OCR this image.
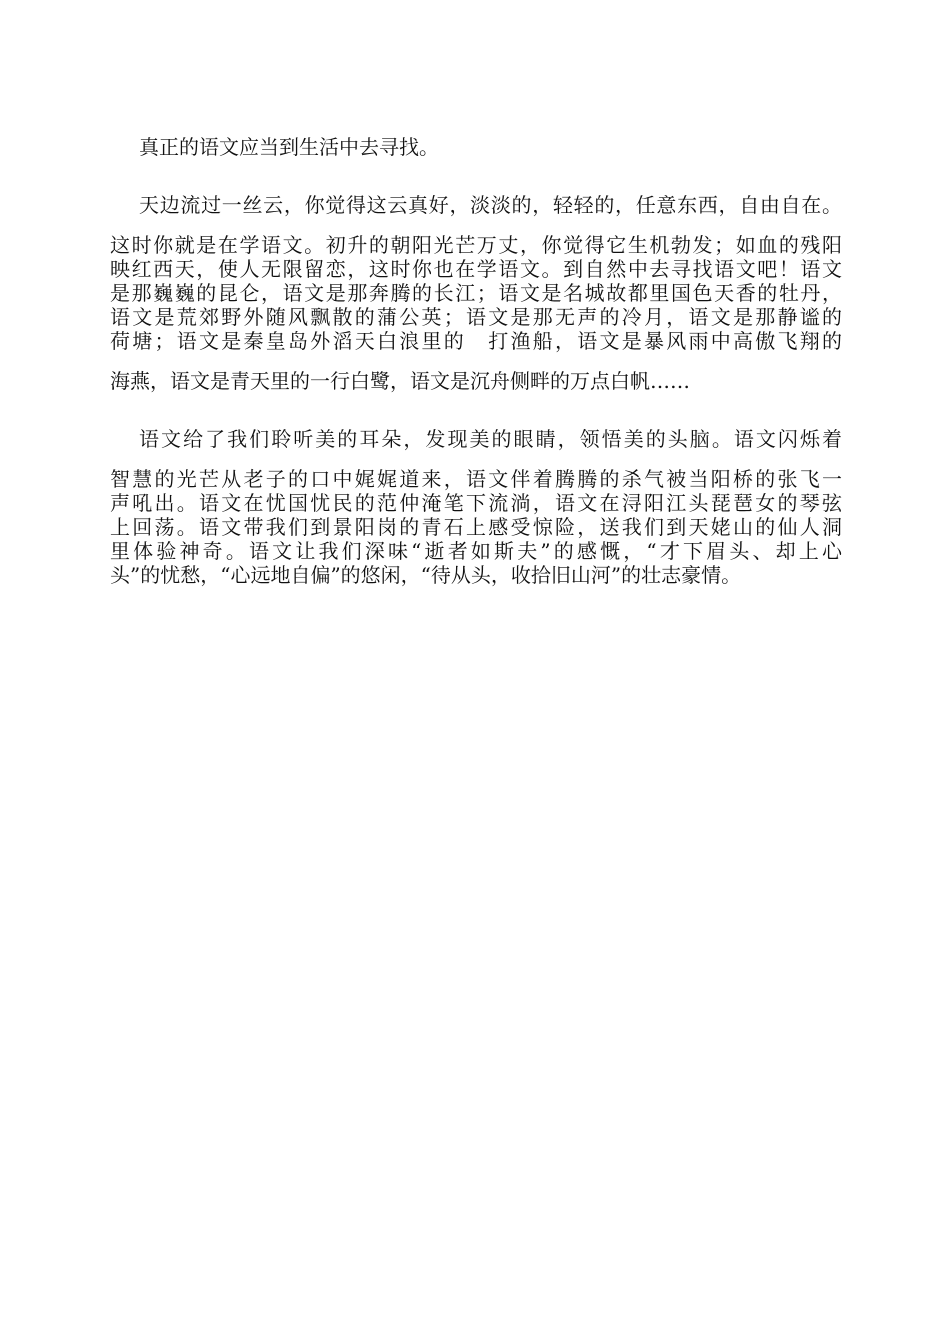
真正的语文应当到生活中去寻找。

天边流过一丝云，你觉得这云真好，淡淡的，轻轻的，任意东西，自由自在。

这时你就是在学语文。初升的朝阳光芒万丈，你觉得它生机勃发；如血的残阳

映红西天，使人无限留恋，这时你也在学语文。到自然中去寻找语文吧！语文

是那巍巍的昆仑，语文是那奔腾的长江；语文是名城故都里国色天香的牡丹，

语文是荒郊野外随风飘散的蒲公英；语文是那无声的冷月，语文是那静谧的

荷塘；语文是秦皇岛外滔天白浪里的　打渔船，语文是暴风雨中高傲飞翔的

海燕，语文是青天里的一行白鹭，语文是沉舟侧畔的万点白帆……

语文给了我们聆听美的耳朵，发现美的眼睛，领悟美的头脑。语文闪烁着

智慧的光芒从老子的口中娓娓道来，语文伴着腾腾的杀气被当阳桥的张飞一

声吼出。语文在忧国忧民的范仲淹笔下流淌，语文在浔阳江头琵琶女的琴弦

上回荡。语文带我们到景阳岗的青石上感受惊险，送我们到天姥山的仙人洞

里体验神奇。语文让我们深味“逝者如斯夫”的感慨，“才下眉头、却上心

头”的忧愁，“心远地自偏”的悠闲，“待从头，收拾旧山河”的壮志豪情。
